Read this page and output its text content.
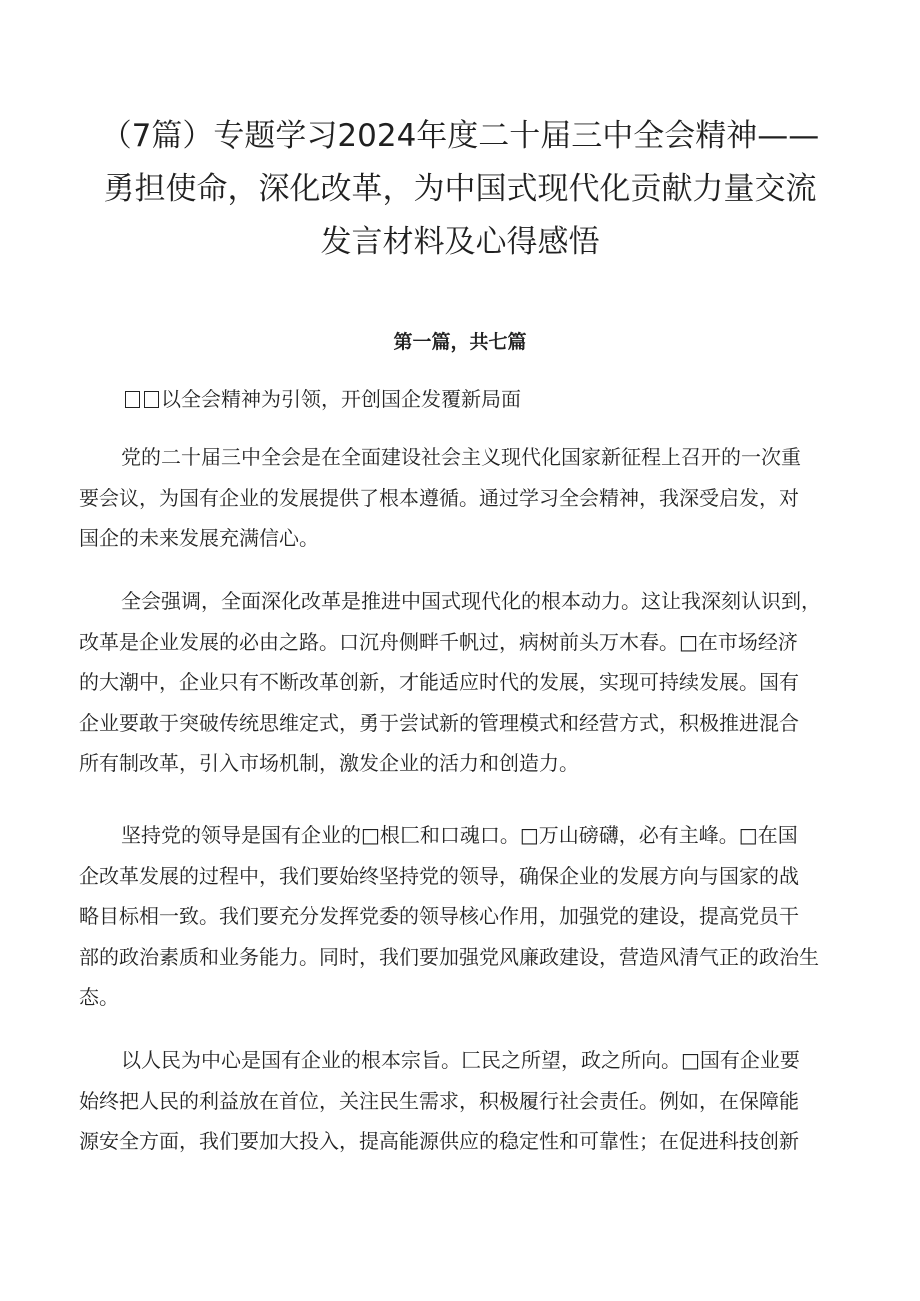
（7篇）专题学习2024年度二十届三中全会精神——
勇担使命，深化改革，为中国式现代化贡献力量交流
发言材料及心得感悟
第一篇，共七篇
以全会精神为引领，开创国企发覆新局面
党的二十届三中全会是在全面建设社会主义现代化国家新征程上召开的一次重
要会议，为国有企业的发展提供了根本遵循。通过学习全会精神，我深受启发，对
国企的未来发展充满信心。
全会强调，全面深化改革是推进中国式现代化的根本动力。这让我深刻认识到，
改革是企业发展的必由之路。口沉舟侧畔千帆过，病树前头万木春。□在市场经济
的大潮中，企业只有不断改革创新，才能适应时代的发展，实现可持续发展。国有
企业要敢于突破传统思维定式，勇于尝试新的管理模式和经营方式，积极推进混合
所有制改革，引入市场机制，激发企业的活力和创造力。
坚持党的领导是国有企业的□根匚和口魂口。□万山磅礴，必有主峰。□在国
企改革发展的过程中，我们要始终坚持党的领导，确保企业的发展方向与国家的战
略目标相一致。我们要充分发挥党委的领导核心作用，加强党的建设，提高党员干
部的政治素质和业务能力。同时，我们要加强党风廉政建设，营造风清气正的政治生
态。
以人民为中心是国有企业的根本宗旨。匚民之所望，政之所向。□国有企业要
始终把人民的利益放在首位，关注民生需求，积极履行社会责任。例如，在保障能
源安全方面，我们要加大投入，提高能源供应的稳定性和可靠性；在促进科技创新
